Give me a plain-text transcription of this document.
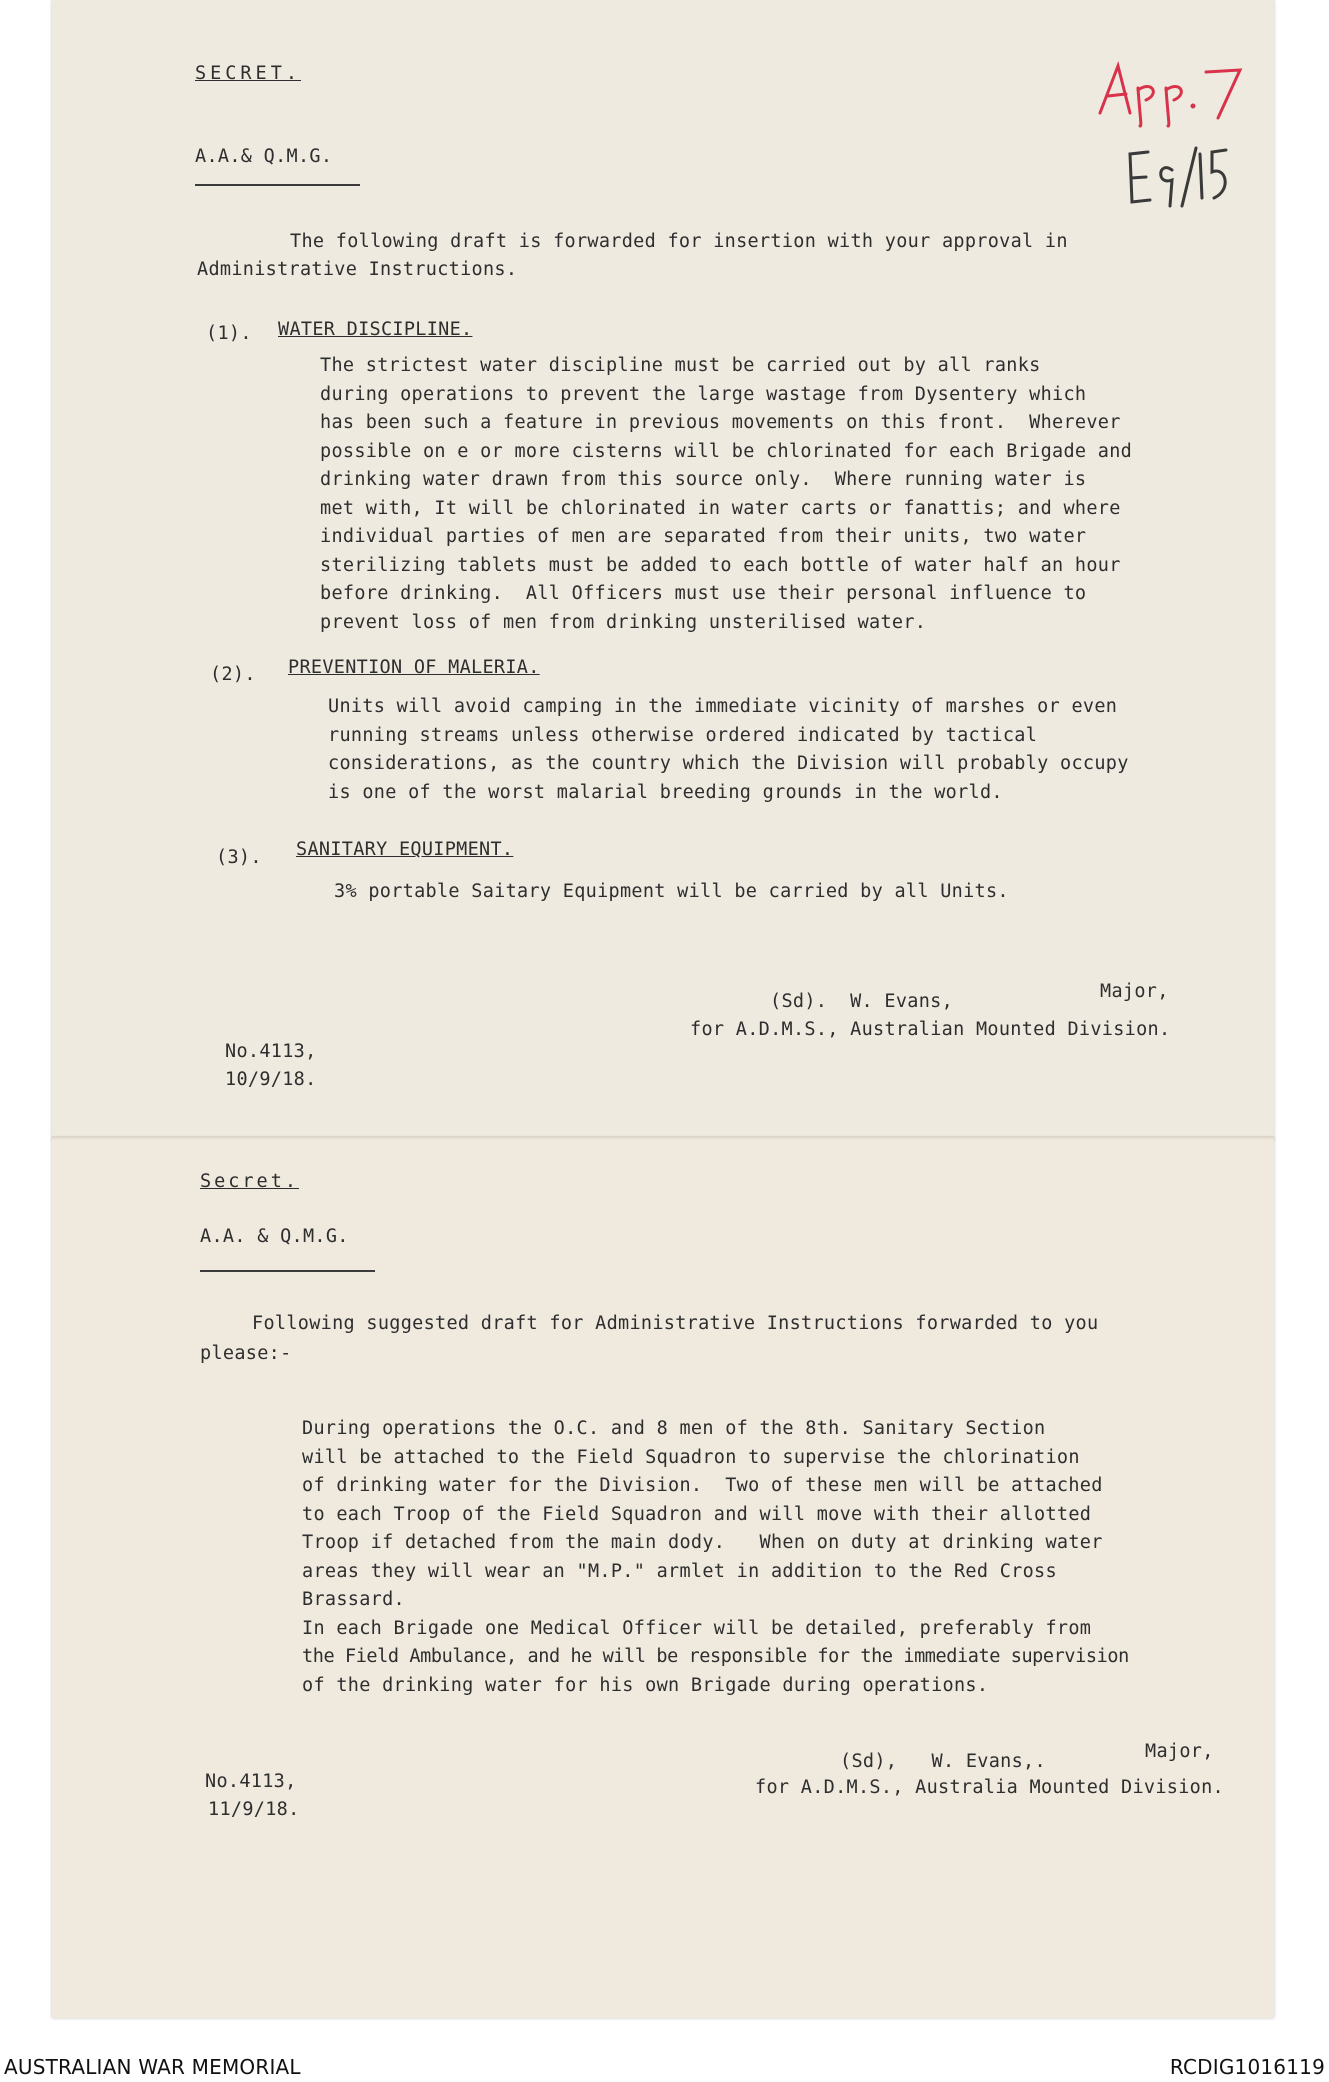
SECRET.
A.A.& Q.M.G.
The following draft is forwarded for insertion with your approval in
Administrative Instructions.
(1). WATER DISCIPLINE.
The strictest water discipline must be carried out by all ranks
during operations to prevent the large wastage from Dysentery which
has been such a feature in previous movements on this front.  Wherever
possible on e or more cisterns will be chlorinated for each Brigade and
drinking water drawn from this source only.  Where running water is
met with, It will be chlorinated in water carts or fanattis; and where
individual parties of men are separated from their units, two water
sterilizing tablets must be added to each bottle of water half an hour
before drinking.  All Officers must use their personal influence to
prevent loss of men from drinking unsterilised water.
(2). PREVENTION OF MALERIA.
Units will avoid camping in the immediate vicinity of marshes or even
running streams unless otherwise ordered indicated by tactical
considerations, as the country which the Division will probably occupy
is one of the worst malarial breeding grounds in the world.
(3). SANITARY EQUIPMENT.
3% portable Saitary Equipment will be carried by all Units.
(Sd).  W. Evans,	Major,
for A.D.M.S., Australian Mounted Division.
No.4113,
10/9/18.
Secret.
A.A. & Q.M.G.
Following suggested draft for Administrative Instructions forwarded to you
please:-
During operations the O.C. and 8 men of the 8th. Sanitary Section
will be attached to the Field Squadron to supervise the chlorination
of drinking water for the Division.  Two of these men will be attached
to each Troop of the Field Squadron and will move with their allotted
Troop if detached from the main dody.   When on duty at drinking water
areas they will wear an "M.P." armlet in addition to the Red Cross
Brassard.
In each Brigade one Medical Officer will be detailed, preferably from
the Field Ambulance, and he will be responsible for the immediate supervision
of the drinking water for his own Brigade during operations.
(Sd),   W. Evans,.	Major,
for A.D.M.S., Australia Mounted Division.
No.4113,
11/9/18.
AUSTRALIAN WAR MEMORIAL	RCDIG1016119
